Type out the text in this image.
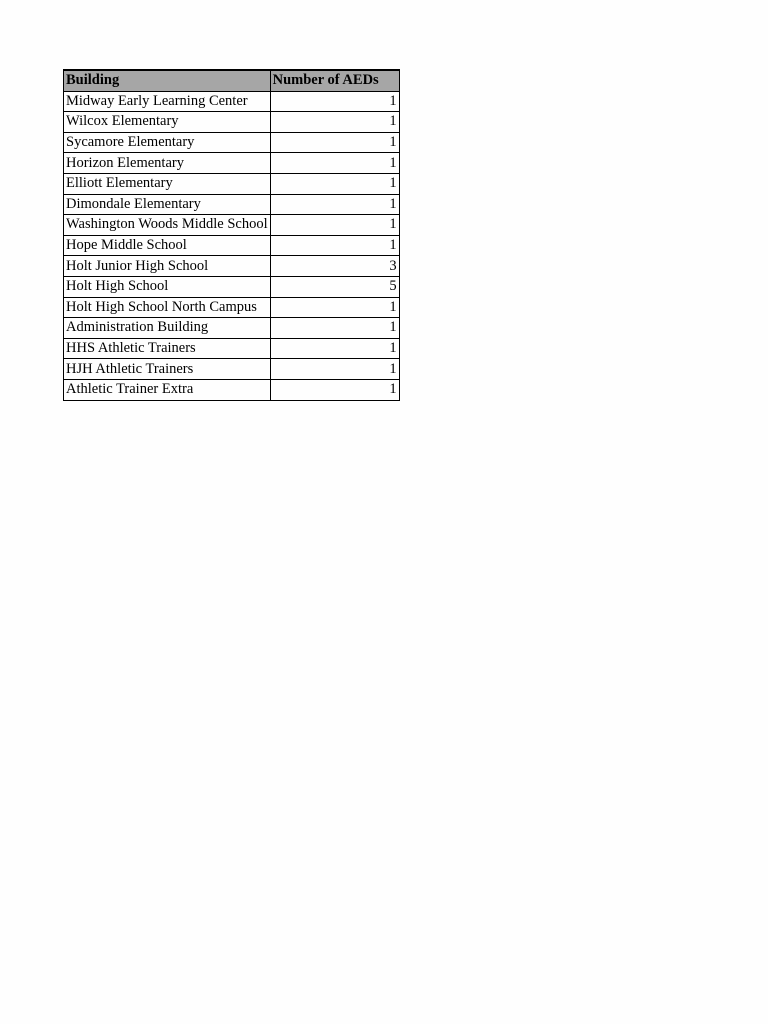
Building	Number of AEDs
Midway Early Learning Center	1
Wilcox Elementary	1
Sycamore Elementary	1
Horizon Elementary	1
Elliott Elementary	1
Dimondale Elementary	1
Washington Woods Middle School	1
Hope Middle School	1
Holt Junior High School	3
Holt High School	5
Holt High School North Campus	1
Administration Building	1
HHS Athletic Trainers	1
HJH Athletic Trainers	1
Athletic Trainer Extra	1
